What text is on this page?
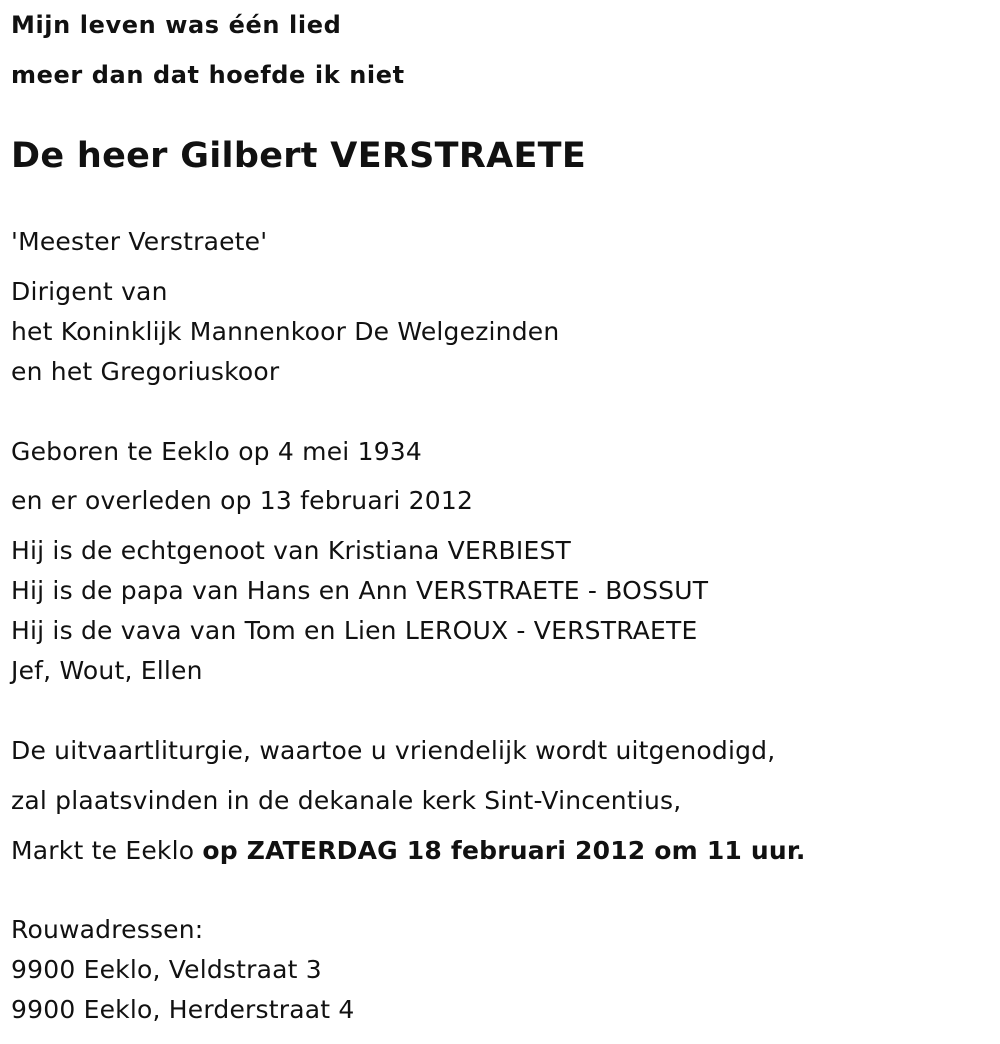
Mijn leven was één lied
meer dan dat hoefde ik niet
De heer Gilbert VERSTRAETE
'Meester Verstraete'
Dirigent van
het Koninklijk Mannenkoor De Welgezinden
en het Gregoriuskoor
Geboren te Eeklo op 4 mei 1934
en er overleden op 13 februari 2012
Hij is de echtgenoot van Kristiana VERBIEST
Hij is de papa van Hans en Ann VERSTRAETE - BOSSUT
Hij is de vava van Tom en Lien LEROUX - VERSTRAETE
Jef, Wout, Ellen
De uitvaartliturgie, waartoe u vriendelijk wordt uitgenodigd,
zal plaatsvinden in de dekanale kerk Sint-Vincentius,
Markt te Eeklo op ZATERDAG 18 februari 2012 om 11 uur.
Rouwadressen:
9900 Eeklo, Veldstraat 3
9900 Eeklo, Herderstraat 4
